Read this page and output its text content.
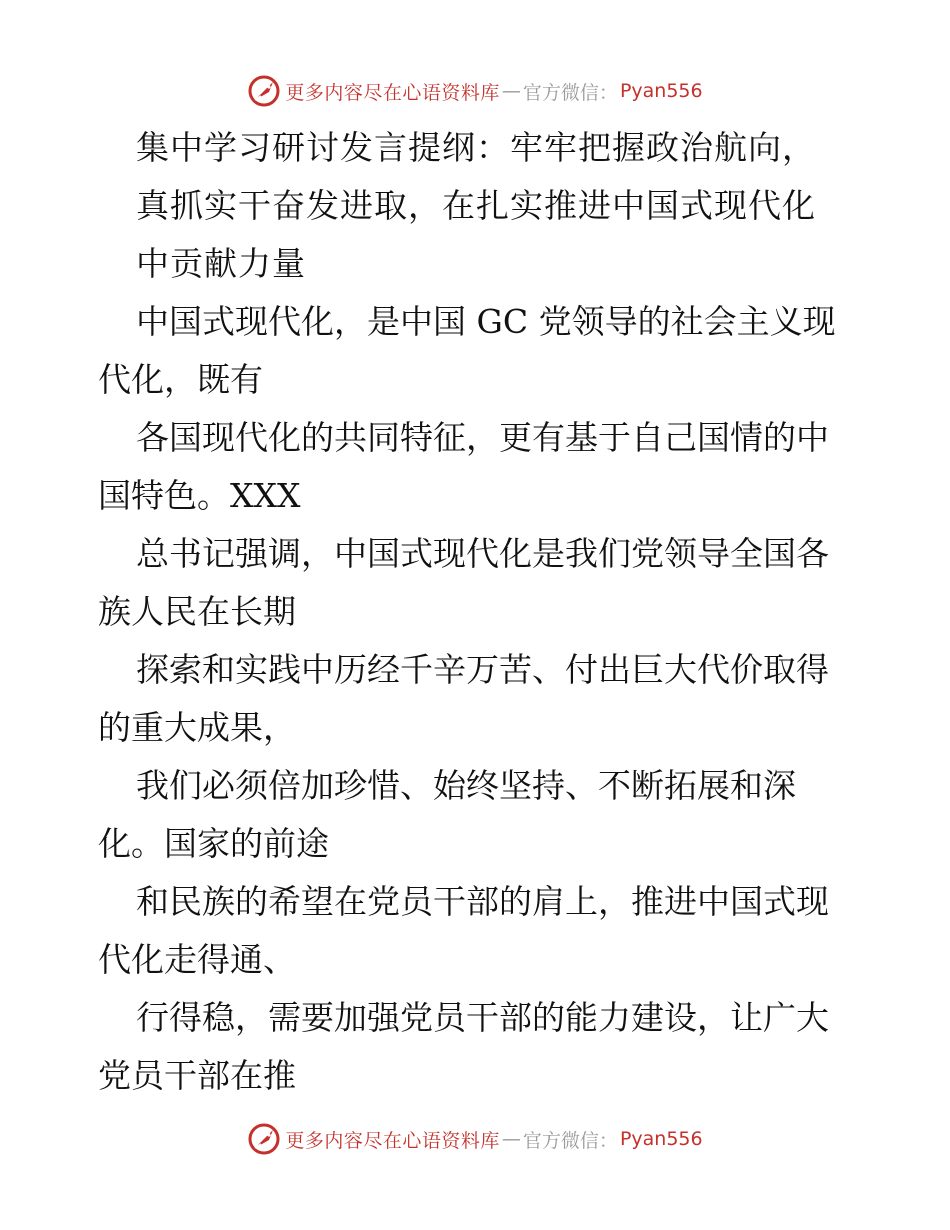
更多内容尽在心语资料库 — 官方微信： Pyan556
集中学习研讨发言提纲：牢牢把握政治航向，
真抓实干奋发进取，在扎实推进中国式现代化
中贡献力量
中国式现代化，是中国 GC 党领导的社会主义现
代化，既有
各国现代化的共同特征，更有基于自己国情的中
国特色。XXX
总书记强调，中国式现代化是我们党领导全国各
族人民在长期
探索和实践中历经千辛万苦、付出巨大代价取得
的重大成果，
我们必须倍加珍惜、始终坚持、不断拓展和深
化。国家的前途
和民族的希望在党员干部的肩上，推进中国式现
代化走得通、
行得稳，需要加强党员干部的能力建设，让广大
党员干部在推
更多内容尽在心语资料库 — 官方微信： Pyan556
